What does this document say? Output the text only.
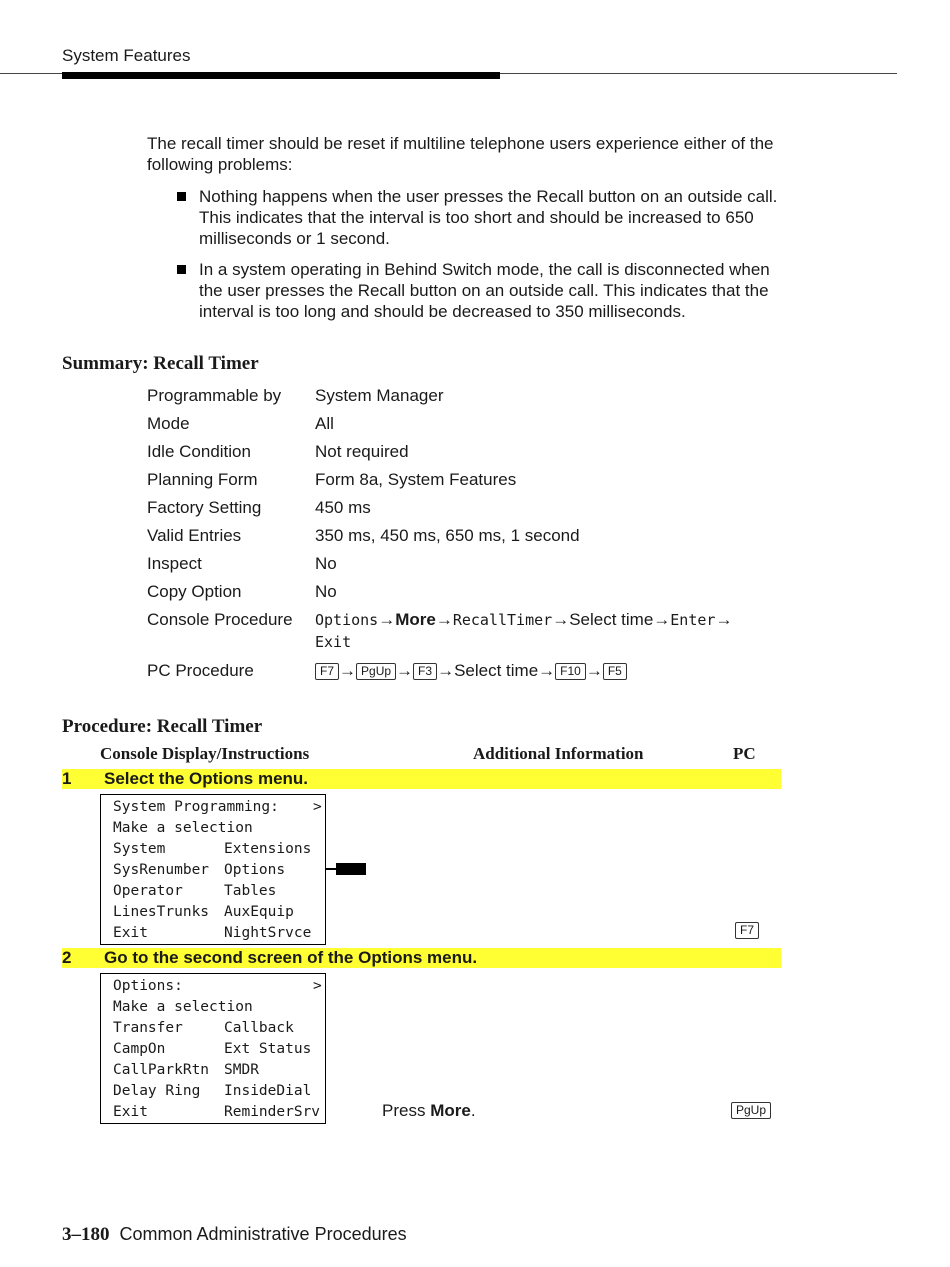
System Features

The recall timer should be reset if multiline telephone users experience either of the following problems:

Nothing happens when the user presses the Recall button on an outside call. This indicates that the interval is too short and should be increased to 650 milliseconds or 1 second.
In a system operating in Behind Switch mode, the call is disconnected when the user presses the Recall button on an outside call. This indicates that the interval is too long and should be decreased to 350 milliseconds.
Summary: Recall Timer
Programmable by	System Manager
Mode	All
Idle Condition	Not required
Planning Form	Form 8a, System Features
Factory Setting	450 ms
Valid Entries	350 ms, 450 ms, 650 ms, 1 second
Inspect	No
Copy Option	No
Console Procedure	Options→More→RecallTimer→Select time→Enter→
Exit
PC Procedure	F7 → PgUp → F3 →Select time→ F10 → F5
Procedure: Recall Timer
Console Display/Instructions	Additional Information	PC
1 Select the Options menu.
System Programming: >
Make a selection
System	Extensions
SysRenumber Options
Operator	Tables
LinesTrunks AuxEquip
Exit	NightSrvce	F7
2 Go to the second screen of the Options menu.
Options:	>
Make a selection
Transfer	Callback
CampOn	Ext Status
CallParkRtn SMDR
Delay Ring InsideDial
Exit	ReminderSrv	Press More.	PgUp
3–180 Common Administrative Procedures
